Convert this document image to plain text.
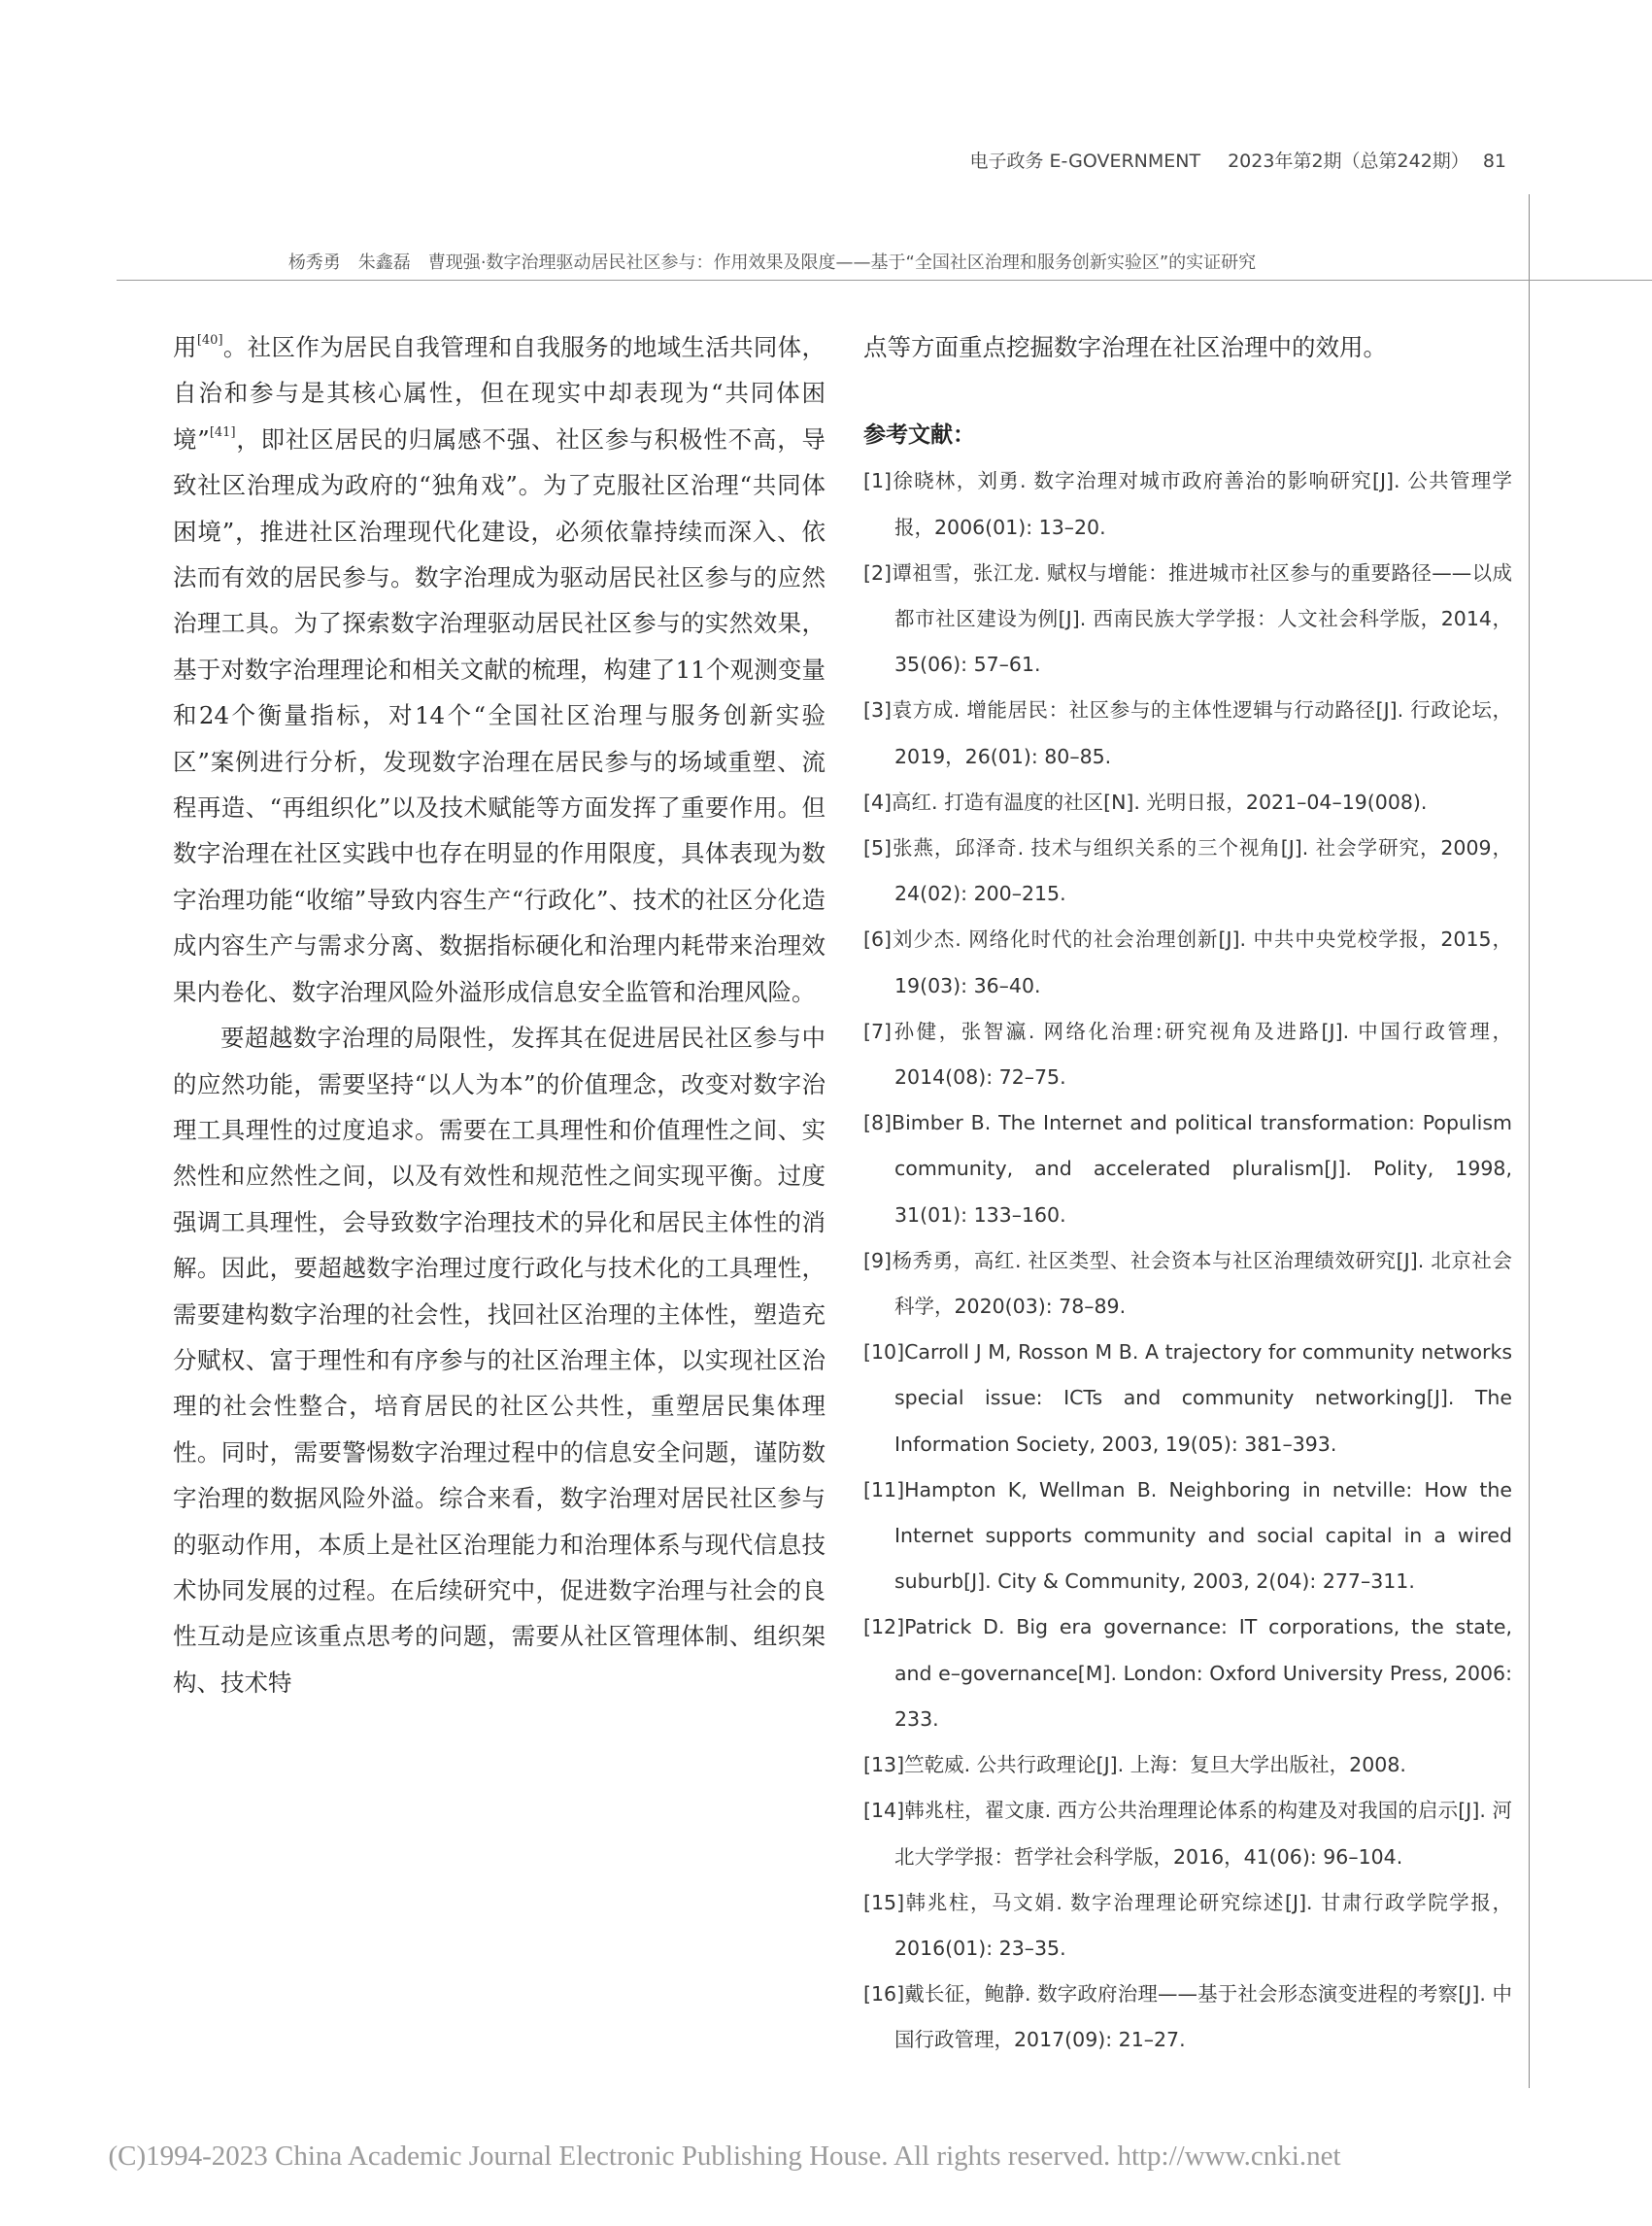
电子政务 E-GOVERNMENT 2023年第2期（总第242期） 81
杨秀勇　朱鑫磊　曹现强·数字治理驱动居民社区参与：作用效果及限度——基于“全国社区治理和服务创新实验区”的实证研究

用[40]。社区作为居民自我管理和自我服务的地域生活共同体，自治和参与是其核心属性，但在现实中却表现为“共同体困境”[41]，即社区居民的归属感不强、社区参与积极性不高，导致社区治理成为政府的“独角戏”。为了克服社区治理“共同体困境”，推进社区治理现代化建设，必须依靠持续而深入、依法而有效的居民参与。数字治理成为驱动居民社区参与的应然治理工具。为了探索数字治理驱动居民社区参与的实然效果，基于对数字治理理论和相关文献的梳理，构建了11个观测变量和24个衡量指标，对14个“全国社区治理与服务创新实验区”案例进行分析，发现数字治理在居民参与的场域重塑、流程再造、“再组织化”以及技术赋能等方面发挥了重要作用。但数字治理在社区实践中也存在明显的作用限度，具体表现为数字治理功能“收缩”导致内容生产“行政化”、技术的社区分化造成内容生产与需求分离、数据指标硬化和治理内耗带来治理效果内卷化、数字治理风险外溢形成信息安全监管和治理风险。

要超越数字治理的局限性，发挥其在促进居民社区参与中的应然功能，需要坚持“以人为本”的价值理念，改变对数字治理工具理性的过度追求。需要在工具理性和价值理性之间、实然性和应然性之间，以及有效性和规范性之间实现平衡。过度强调工具理性，会导致数字治理技术的异化和居民主体性的消解。因此，要超越数字治理过度行政化与技术化的工具理性，需要建构数字治理的社会性，找回社区治理的主体性，塑造充分赋权、富于理性和有序参与的社区治理主体，以实现社区治理的社会性整合，培育居民的社区公共性，重塑居民集体理性。同时，需要警惕数字治理过程中的信息安全问题，谨防数字治理的数据风险外溢。综合来看，数字治理对居民社区参与的驱动作用，本质上是社区治理能力和治理体系与现代信息技术协同发展的过程。在后续研究中，促进数字治理与社会的良性互动是应该重点思考的问题，需要从社区管理体制、组织架构、技术特

点等方面重点挖掘数字治理在社区治理中的效用。

参考文献：
[1]徐晓林，刘勇. 数字治理对城市政府善治的影响研究[J]. 公共管理学报，2006(01): 13–20.
[2]谭祖雪，张江龙. 赋权与增能：推进城市社区参与的重要路径——以成都市社区建设为例[J]. 西南民族大学学报：人文社会科学版，2014，35(06): 57–61.
[3]袁方成. 增能居民：社区参与的主体性逻辑与行动路径[J]. 行政论坛，2019，26(01): 80–85.
[4]高红. 打造有温度的社区[N]. 光明日报，2021–04–19(008).
[5]张燕，邱泽奇. 技术与组织关系的三个视角[J]. 社会学研究，2009，24(02): 200–215.
[6]刘少杰. 网络化时代的社会治理创新[J]. 中共中央党校学报，2015，19(03): 36–40.
[7]孙健，张智瀛. 网络化治理:研究视角及进路[J]. 中国行政管理，2014(08): 72–75.
[8]Bimber B. The Internet and political transformation: Populism community, and accelerated pluralism[J]. Polity, 1998, 31(01): 133–160.
[9]杨秀勇，高红. 社区类型、社会资本与社区治理绩效研究[J]. 北京社会科学，2020(03): 78–89.
[10]Carroll J M, Rosson M B. A trajectory for community networks special issue: ICTs and community networking[J]. The Information Society, 2003, 19(05): 381–393.
[11]Hampton K, Wellman B. Neighboring in netville: How the Internet supports community and social capital in a wired suburb[J]. City & Community, 2003, 2(04): 277–311.
[12]Patrick D. Big era governance: IT corporations, the state, and e–governance[M]. London: Oxford University Press, 2006: 233.
[13]竺乾威. 公共行政理论[J]. 上海：复旦大学出版社，2008.
[14]韩兆柱，翟文康. 西方公共治理理论体系的构建及对我国的启示[J]. 河北大学学报：哲学社会科学版，2016，41(06): 96–104.
[15]韩兆柱，马文娟. 数字治理理论研究综述[J]. 甘肃行政学院学报，2016(01): 23–35.
[16]戴长征，鲍静. 数字政府治理——基于社会形态演变进程的考察[J]. 中国行政管理，2017(09): 21–27.
(C)1994-2023 China Academic Journal Electronic Publishing House. All rights reserved. http://www.cnki.net
